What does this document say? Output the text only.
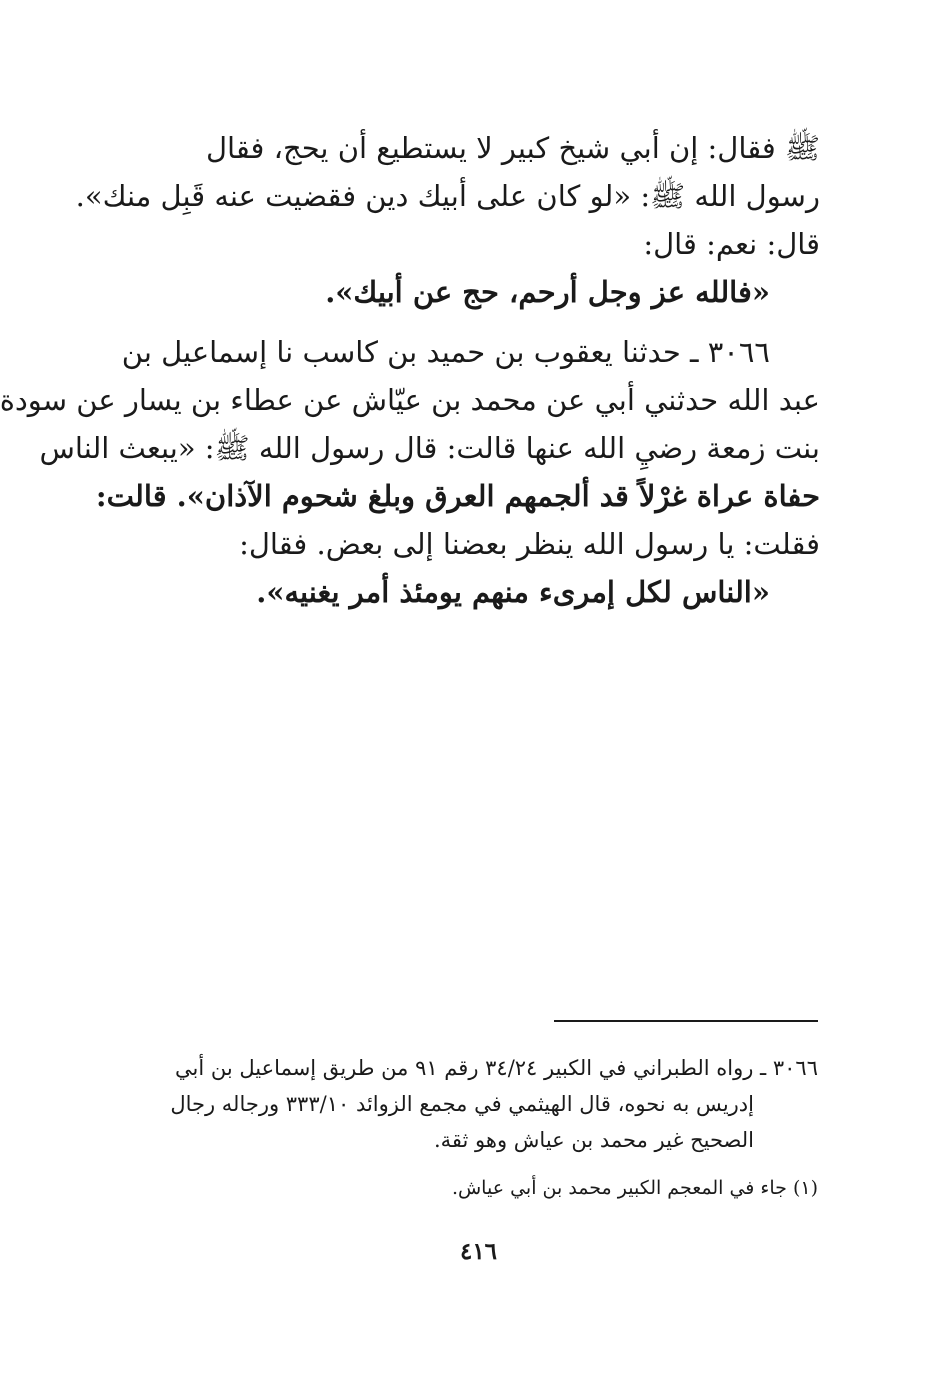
ﷺ فقال: إن أبي شيخ كبير لا يستطيع أن يحج، فقال
رسول الله ﷺ: «لو كان على أبيك دين فقضيت عنه قَبِل منك».
قال: نعم: قال:
«فالله عز وجل أرحم، حج عن أبيك».
٣٠٦٦ ـ حدثنا يعقوب بن حميد بن كاسب نا إسماعيل بن
عبد الله حدثني أبي عن محمد بن عيّاش عن عطاء بن يسار عن سودة
بنت زمعة رضيِ الله عنها قالت: قال رسول الله ﷺ: «يبعث الناس
حفاة عراة غرْلاً قد ألجمهم العرق وبلغ شحوم الآذان». قالت:
فقلت: يا رسول الله ينظر بعضنا إلى بعض. فقال:
«الناس لكل إمرىء منهم يومئذ أمر يغنيه».
٣٠٦٦ ـ رواه الطبراني في الكبير ٣٤/٢٤ رقم ٩١ من طريق إسماعيل بن أبي
إدريس به نحوه، قال الهيثمي في مجمع الزوائد ٣٣٣/١٠ ورجاله رجال
الصحيح غير محمد بن عياش وهو ثقة.
(١) جاء في المعجم الكبير محمد بن أبي عياش.
٤١٦
